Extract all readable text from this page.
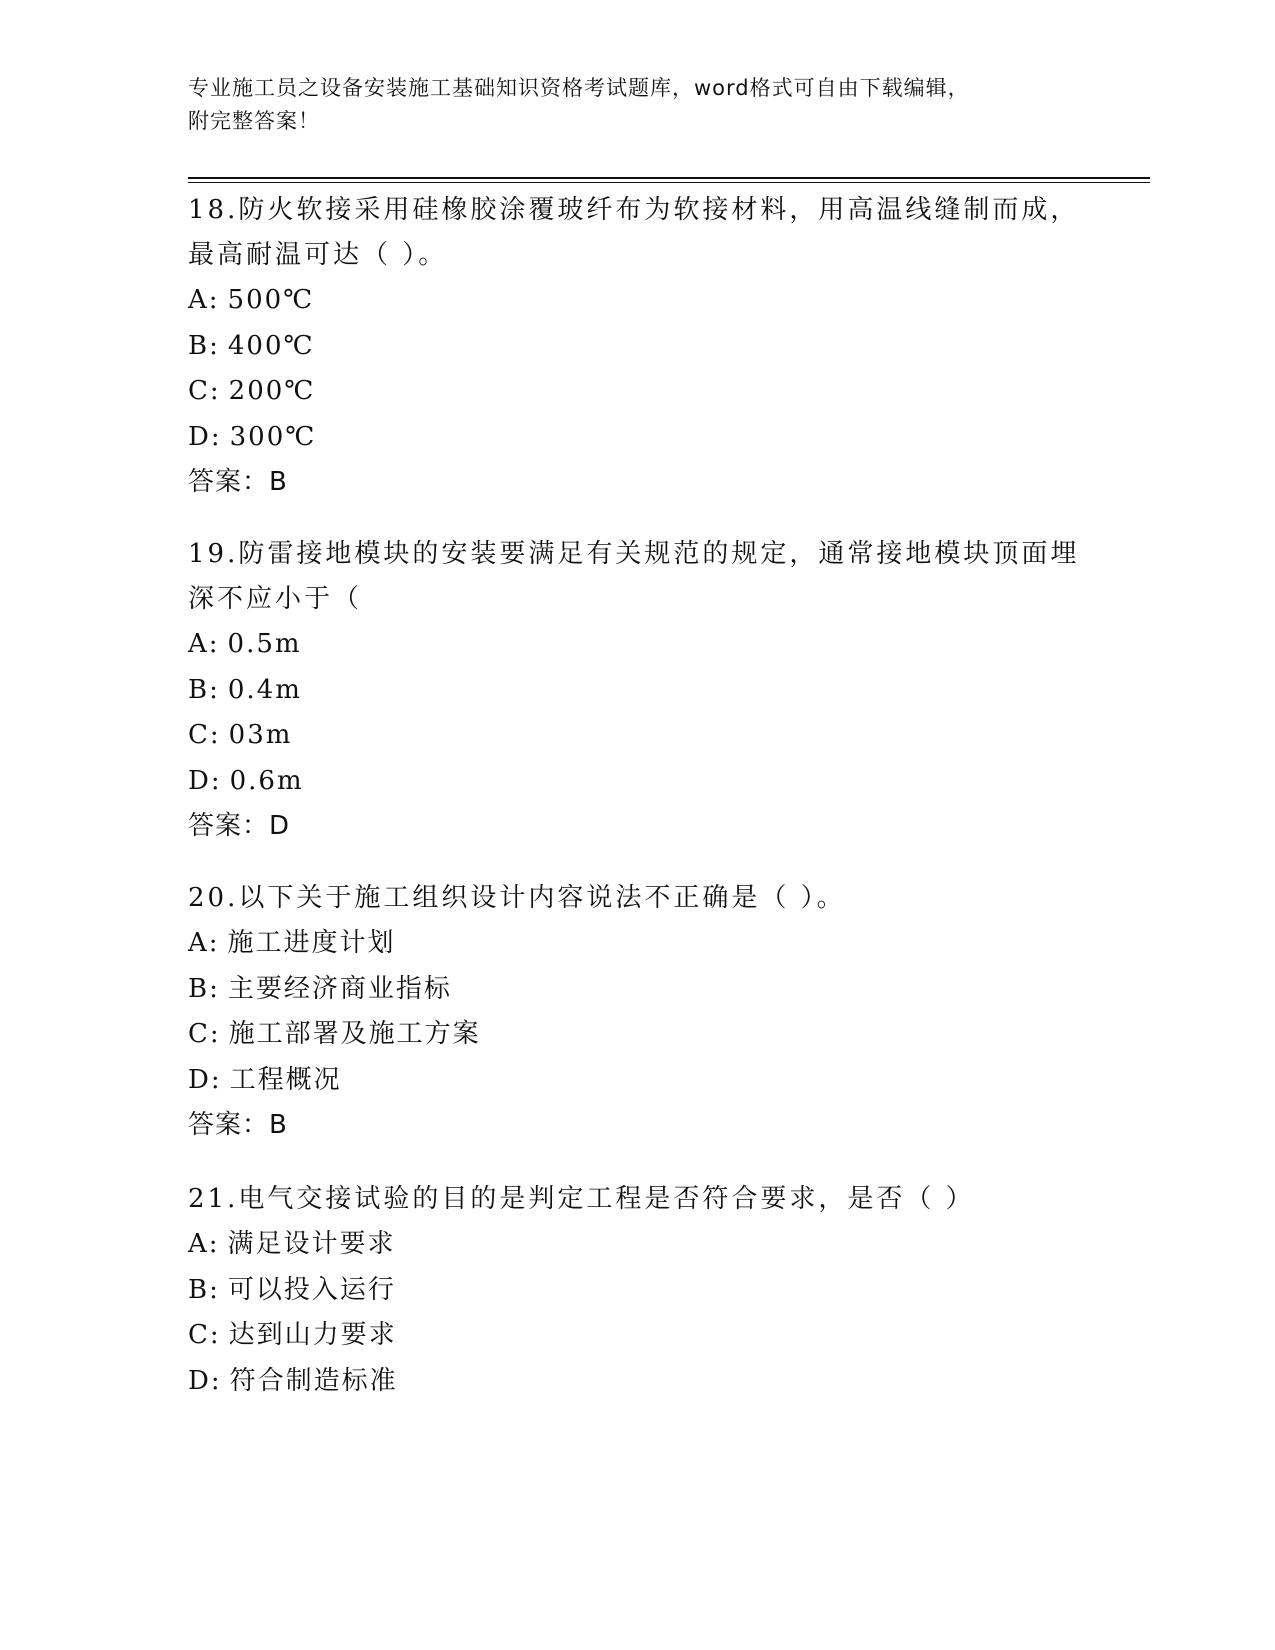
专业施工员之设备安装施工基础知识资格考试题库，word格式可自由下载编辑，
附完整答案！
18.防火软接采用硅橡胶涂覆玻纤布为软接材料，用高温线缝制而成，
最高耐温可达（ ）。
A: 500℃
B: 400℃
C: 200℃
D: 300℃
答案：B
19.防雷接地模块的安装要满足有关规范的规定，通常接地模块顶面埋
深不应小于（
A: 0.5m
B: 0.4m
C: 03m
D: 0.6m
答案：D
20.以下关于施工组织设计内容说法不正确是（ ）。
A: 施工进度计划
B: 主要经济商业指标
C: 施工部署及施工方案
D: 工程概况
答案：B
21.电气交接试验的目的是判定工程是否符合要求，是否（ ）
A: 满足设计要求
B: 可以投入运行
C: 达到山力要求
D: 符合制造标准
